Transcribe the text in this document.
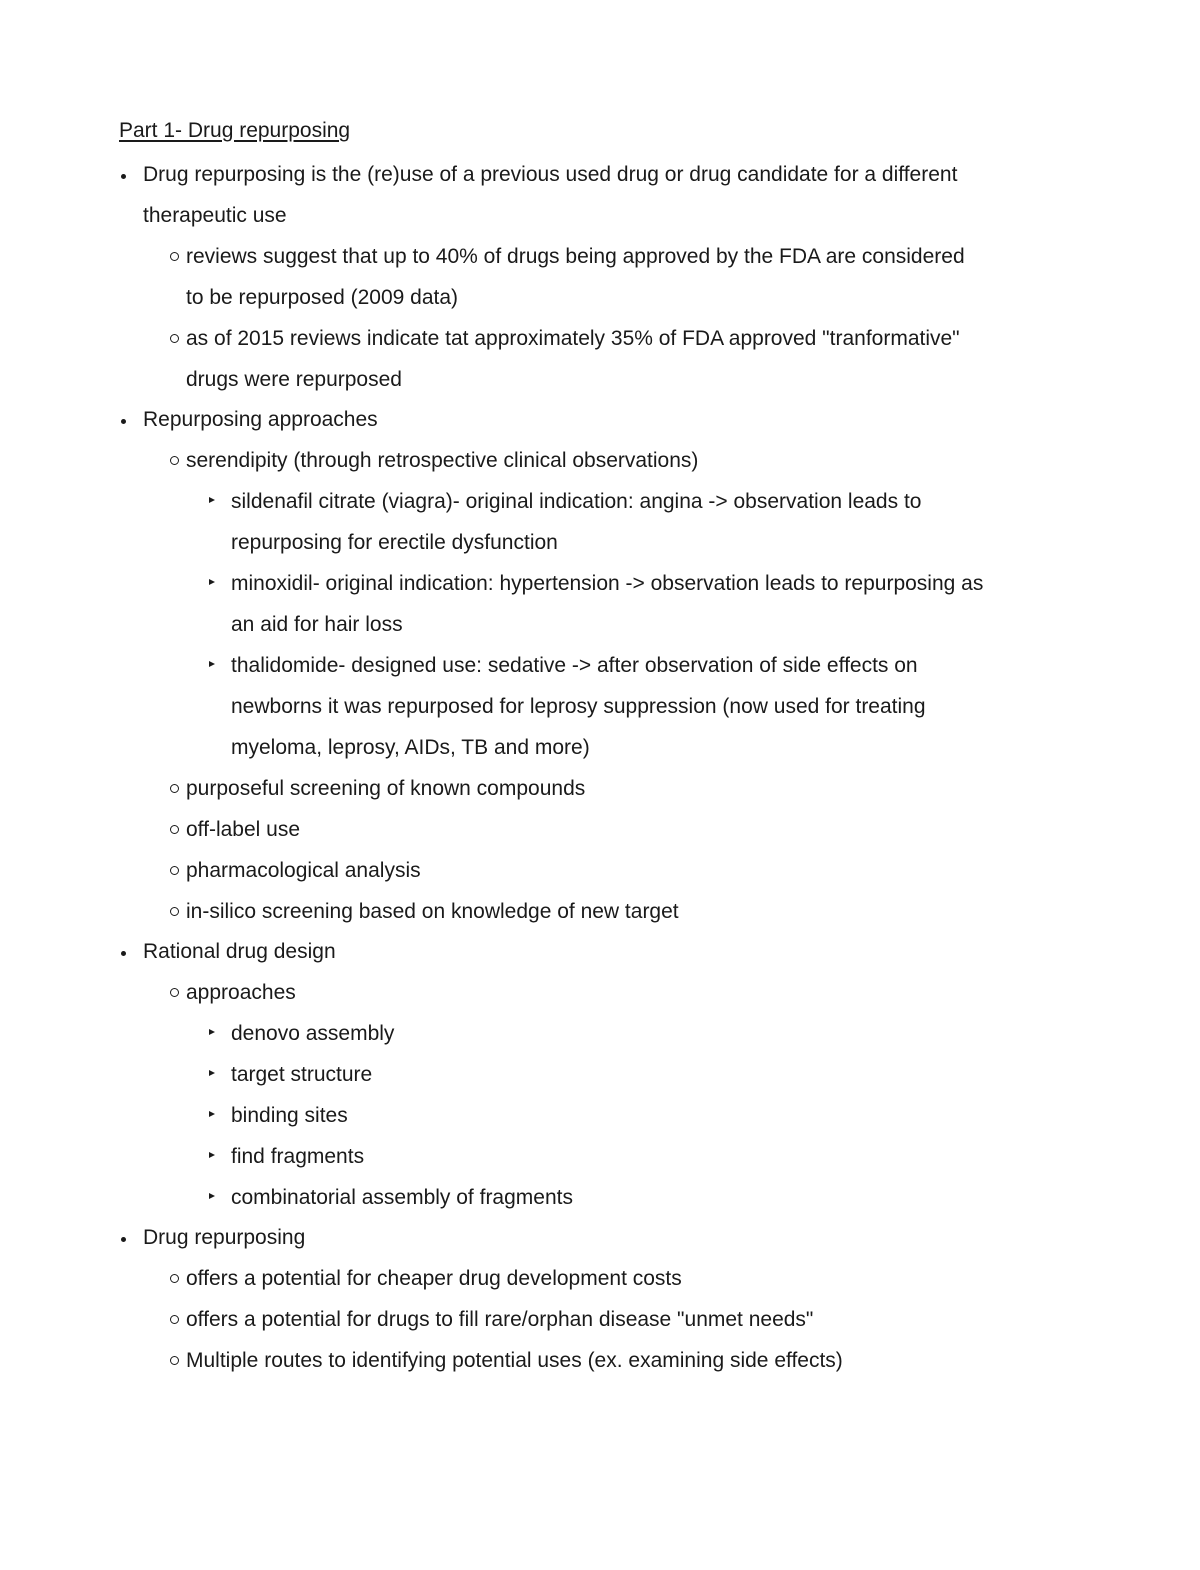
Part 1- Drug repurposing
Drug repurposing is the (re)use of a previous used drug or drug candidate for a different
therapeutic use
reviews suggest that up to 40% of drugs being approved by the FDA are considered
to be repurposed (2009 data)
as of 2015 reviews indicate tat approximately 35% of FDA approved "tranformative"
drugs were repurposed
Repurposing approaches
serendipity (through retrospective clinical observations)
sildenafil citrate (viagra)- original indication: angina -> observation leads to
repurposing for erectile dysfunction
minoxidil- original indication: hypertension -> observation leads to repurposing as
an aid for hair loss
thalidomide- designed use: sedative -> after observation of side effects on
newborns it was repurposed for leprosy suppression (now used for treating
myeloma, leprosy, AIDs, TB and more)
purposeful screening of known compounds
off-label use
pharmacological analysis
in-silico screening based on knowledge of new target
Rational drug design
approaches
denovo assembly
target structure
binding sites
find fragments
combinatorial assembly of fragments
Drug repurposing
offers a potential for cheaper drug development costs
offers a potential for drugs to fill rare/orphan disease "unmet needs"
Multiple routes to identifying potential uses (ex. examining side effects)
